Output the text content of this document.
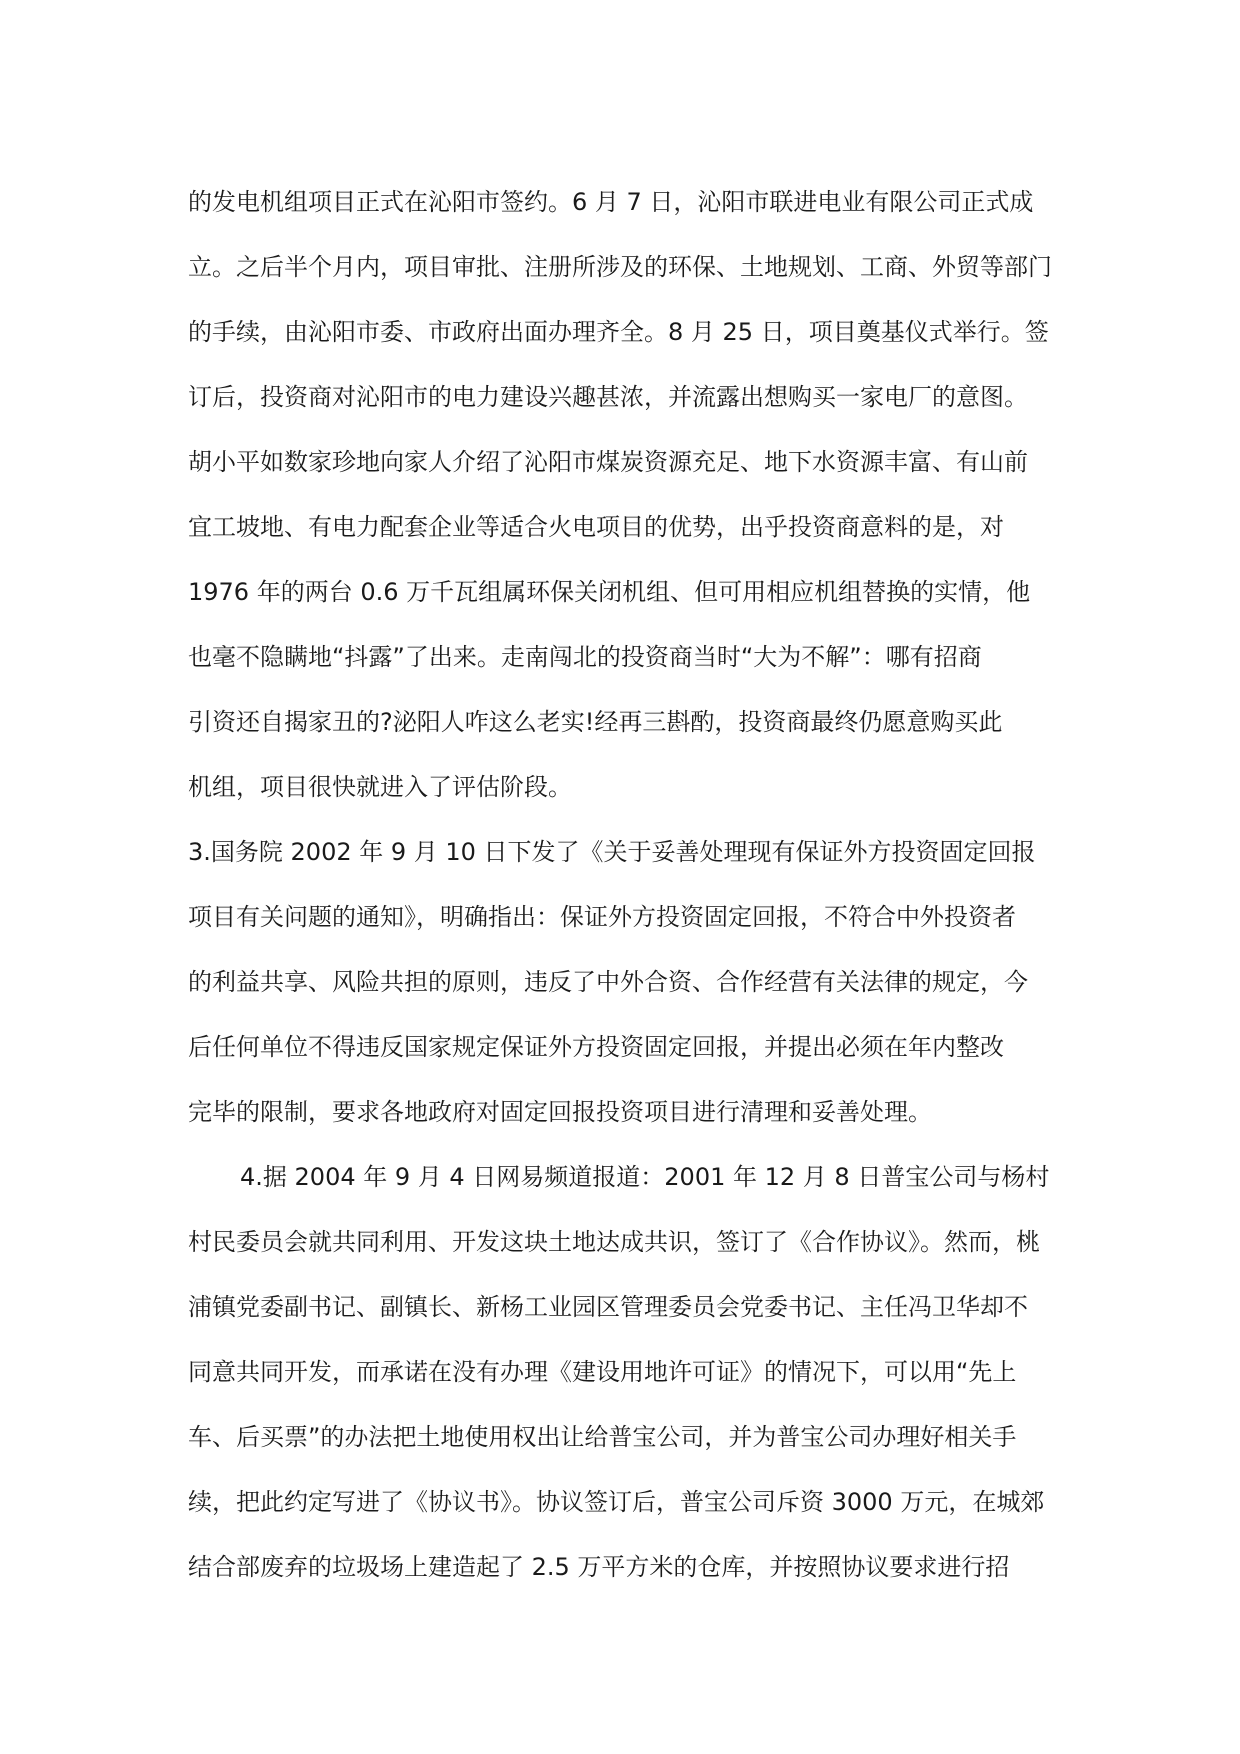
的发电机组项目正式在沁阳市签约。6 月 7 日，沁阳市联进电业有限公司正式成
立。之后半个月内，项目审批、注册所涉及的环保、土地规划、工商、外贸等部门
的手续，由沁阳市委、市政府出面办理齐全。8 月 25 日，项目奠基仪式举行。签
订后，投资商对沁阳市的电力建设兴趣甚浓，并流露出想购买一家电厂的意图。
胡小平如数家珍地向家人介绍了沁阳市煤炭资源充足、地下水资源丰富、有山前
宜工坡地、有电力配套企业等适合火电项目的优势，出乎投资商意料的是，对
1976 年的两台 0.6 万千瓦组属环保关闭机组、但可用相应机组替换的实情，他
也毫不隐瞒地“抖露”了出来。走南闯北的投资商当时“大为不解”：哪有招商
引资还自揭家丑的?泌阳人咋这么老实!经再三斟酌，投资商最终仍愿意购买此
机组，项目很快就进入了评估阶段。
3.国务院 2002 年 9 月 10 日下发了《关于妥善处理现有保证外方投资固定回报
项目有关问题的通知》，明确指出：保证外方投资固定回报，不符合中外投资者
的利益共享、风险共担的原则，违反了中外合资、合作经营有关法律的规定，今
后任何单位不得违反国家规定保证外方投资固定回报，并提出必须在年内整改
完毕的限制，要求各地政府对固定回报投资项目进行清理和妥善处理。
4.据 2004 年 9 月 4 日网易频道报道：2001 年 12 月 8 日普宝公司与杨村
村民委员会就共同利用、开发这块土地达成共识，签订了《合作协议》。然而，桃
浦镇党委副书记、副镇长、新杨工业园区管理委员会党委书记、主任冯卫华却不
同意共同开发，而承诺在没有办理《建设用地许可证》的情况下，可以用“先上
车、后买票”的办法把土地使用权出让给普宝公司，并为普宝公司办理好相关手
续，把此约定写进了《协议书》。协议签订后，普宝公司斥资 3000 万元，在城郊
结合部废弃的垃圾场上建造起了 2.5 万平方米的仓库，并按照协议要求进行招
